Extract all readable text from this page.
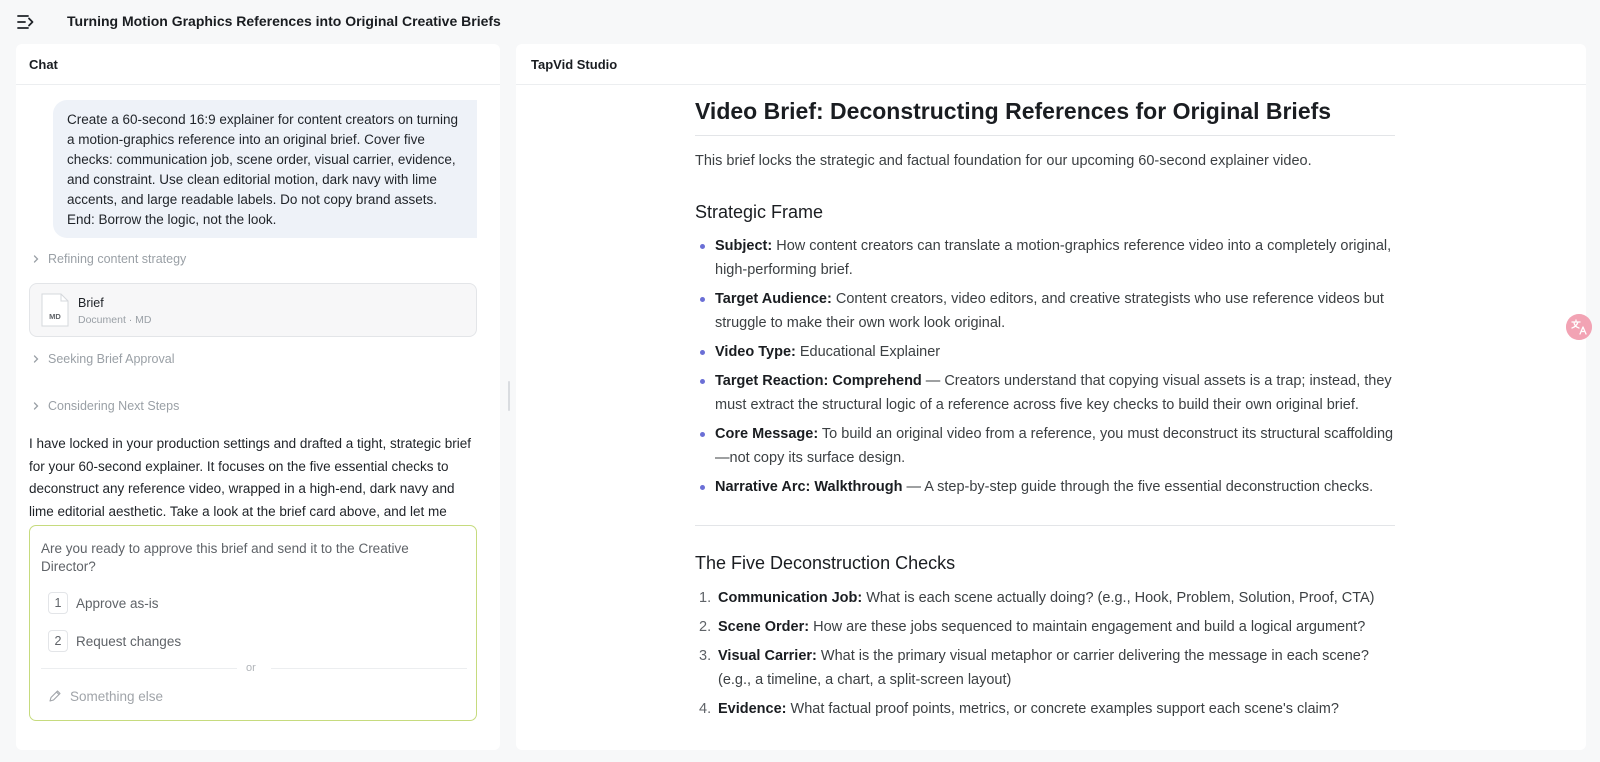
Turning Motion Graphics References into Original Creative Briefs
Chat
Create a 60-second 16:9 explainer for content creators on turning a motion-graphics reference into an original brief. Cover five checks: communication job, scene order, visual carrier, evidence, and constraint. Use clean editorial motion, dark navy with lime accents, and large readable labels. Do not copy brand assets. End: Borrow the logic, not the look.
Refining content strategy
MD
Brief
Document · MD
Seeking Brief Approval
Considering Next Steps
I have locked in your production settings and drafted a tight, strategic brief for your 60-second explainer. It focuses on the five essential checks to deconstruct any reference video, wrapped in a high-end, dark navy and lime editorial aesthetic. Take a look at the brief card above, and let me
Are you ready to approve this brief and send it to the Creative Director?
1	Approve as-is
2	Request changes
or
Something else
TapVid Studio
Video Brief: Deconstructing References for Original Briefs
This brief locks the strategic and factual foundation for our upcoming 60-second explainer video.
Strategic Frame
Subject: How content creators can translate a motion-graphics reference video into a completely original, high-performing brief.
Target Audience: Content creators, video editors, and creative strategists who use reference videos but struggle to make their own work look original.
Video Type: Educational Explainer
Target Reaction: Comprehend — Creators understand that copying visual assets is a trap; instead, they must extract the structural logic of a reference across five key checks to build their own original brief.
Core Message: To build an original video from a reference, you must deconstruct its structural scaffolding—not copy its surface design.
Narrative Arc: Walkthrough — A step-by-step guide through the five essential deconstruction checks.
The Five Deconstruction Checks
1. Communication Job: What is each scene actually doing? (e.g., Hook, Problem, Solution, Proof, CTA)
2. Scene Order: How are these jobs sequenced to maintain engagement and build a logical argument?
3. Visual Carrier: What is the primary visual metaphor or carrier delivering the message in each scene? (e.g., a timeline, a chart, a split-screen layout)
4. Evidence: What factual proof points, metrics, or concrete examples support each scene's claim?
